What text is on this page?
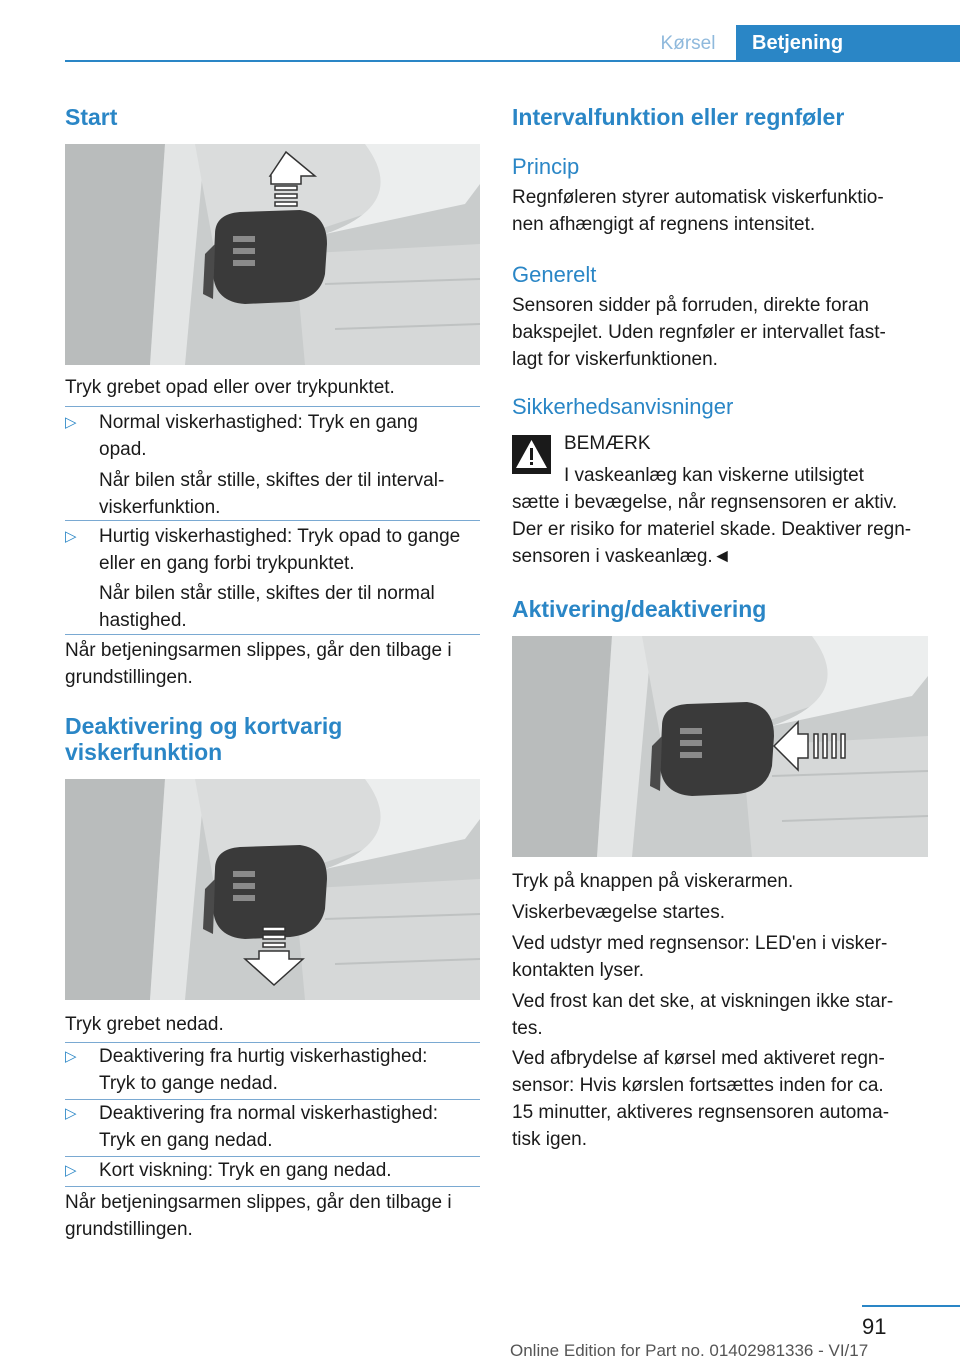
Kørsel	Betjening
Start
Tryk grebet opad eller over trykpunktet.
▷ Normal viskerhastighed: Tryk en gang
opad.
Når bilen står stille, skiftes der til interval-
viskerfunktion.
▷ Hurtig viskerhastighed: Tryk opad to gange
eller en gang forbi trykpunktet.
Når bilen står stille, skiftes der til normal
hastighed.
Når betjeningsarmen slippes, går den tilbage i
grundstillingen.
Deaktivering og kortvarig
viskerfunktion
Tryk grebet nedad.
▷ Deaktivering fra hurtig viskerhastighed:
Tryk to gange nedad.
▷ Deaktivering fra normal viskerhastighed:
Tryk en gang nedad.
▷ Kort viskning: Tryk en gang nedad.
Når betjeningsarmen slippes, går den tilbage i
grundstillingen.
Intervalfunktion eller regnføler
Princip
Regnføleren styrer automatisk viskerfunktio-
nen afhængigt af regnens intensitet.
Generelt
Sensoren sidder på forruden, direkte foran
bakspejlet. Uden regnføler er intervallet fast-
lagt for viskerfunktionen.
Sikkerhedsanvisninger
BEMÆRK
I vaskeanlæg kan viskerne utilsigtet
sætte i bevægelse, når regnsensoren er aktiv.
Der er risiko for materiel skade. Deaktiver regn-
sensoren i vaskeanlæg.◄
Aktivering/deaktivering
Tryk på knappen på viskerarmen.
Viskerbevægelse startes.
Ved udstyr med regnsensor: LED'en i visker-
kontakten lyser.
Ved frost kan det ske, at viskningen ikke star-
tes.
Ved afbrydelse af kørsel med aktiveret regn-
sensor: Hvis kørslen fortsættes inden for ca.
15 minutter, aktiveres regnsensoren automa-
tisk igen.
91
Online Edition for Part no. 01402981336 - VI/17
